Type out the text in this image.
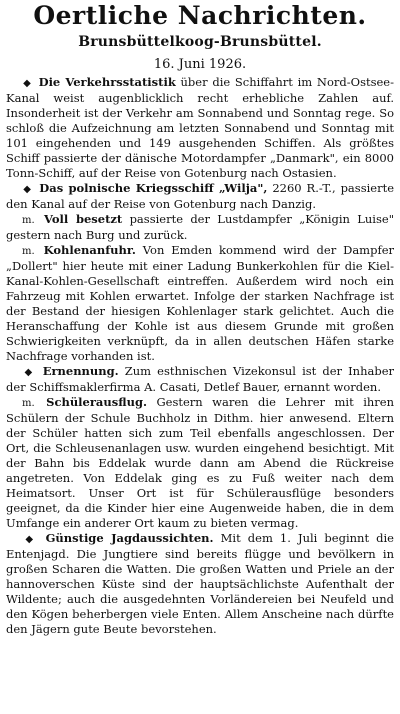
Oertliche Nachrichten.
Brunsbüttelkoog-Brunsbüttel.
16. Juni 1926.

◆ Die Verkehrsstatistik über die Schiffahrt im Nord-Ostsee-Kanal weist augenblicklich recht erhebliche Zahlen auf. Insonderheit ist der Verkehr am Sonnabend und Sonntag rege. So schloß die Aufzeichnung am letzten Sonnabend und Sonntag mit 101 eingehenden und 149 ausgehenden Schiffen. Als größtes Schiff passierte der dänische Motordampfer „Danmark", ein 8000 Tonn-Schiff, auf der Reise von Gotenburg nach Ostasien.

◆ Das polnische Kriegsschiff „Wilja", 2260 R.-T., passierte den Kanal auf der Reise von Gotenburg nach Danzig.

m. Voll besetzt passierte der Lustdampfer „Königin Luise" gestern nach Burg und zurück.

m. Kohlenanfuhr. Von Emden kommend wird der Dampfer „Dollert" hier heute mit einer Ladung Bunkerkohlen für die Kiel-Kanal-Kohlen-Gesellschaft eintreffen. Außerdem wird noch ein Fahrzeug mit Kohlen erwartet. Infolge der starken Nachfrage ist der Bestand der hiesigen Kohlenlager stark gelichtet. Auch die Heranschaffung der Kohle ist aus diesem Grunde mit großen Schwierigkeiten verknüpft, da in allen deutschen Häfen starke Nachfrage vorhanden ist.

◆ Ernennung. Zum esthnischen Vizekonsul ist der Inhaber der Schiffsmaklerfirma A. Casati, Detlef Bauer, ernannt worden.

m. Schülerausflug. Gestern waren die Lehrer mit ihren Schülern der Schule Buchholz in Dithm. hier anwesend. Eltern der Schüler hatten sich zum Teil ebenfalls angeschlossen. Der Ort, die Schleusenanlagen usw. wurden eingehend besichtigt. Mit der Bahn bis Eddelak wurde dann am Abend die Rückreise angetreten. Von Eddelak ging es zu Fuß weiter nach dem Heimatsort. Unser Ort ist für Schülerausflüge besonders geeignet, da die Kinder hier eine Augenweide haben, die in dem Umfange ein anderer Ort kaum zu bieten vermag.

◆ Günstige Jagdaussichten. Mit dem 1. Juli beginnt die Entenjagd. Die Jungtiere sind bereits flügge und bevölkern in großen Scharen die Watten. Die großen Watten und Priele an der hannoverschen Küste sind der hauptsächlichste Aufenthalt der Wildente; auch die ausgedehnten Vorländereien bei Neufeld und den Kögen beherbergen viele Enten. Allem Anscheine nach dürfte den Jägern gute Beute bevorstehen.
